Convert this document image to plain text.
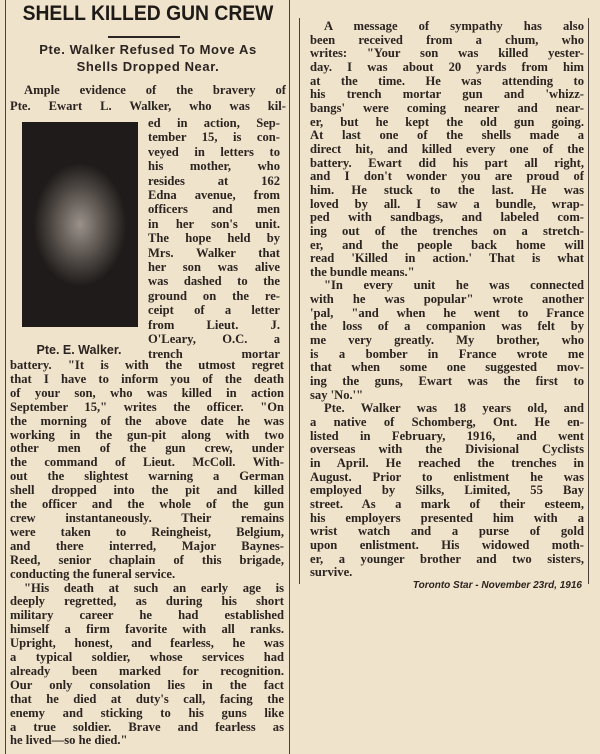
SHELL KILLED GUN CREW
Pte. Walker Refused To Move As
Shells Dropped Near.
Ample evidence of the bravery of
Pte. Ewart L. Walker, who was kil-
Pte. E. Walker.
ed in action, Sep-
tember 15, is con-
veyed in letters to
his mother, who
resides at 162
Edna avenue, from
officers and men
in her son's unit.
The hope held by
Mrs. Walker that
her son was alive
was dashed to the
ground on the re-
ceipt of a letter
from Lieut. J.
O'Leary, O.C. a
trench mortar
battery. "It is with the utmost regret
that I have to inform you of the death
of your son, who was killed in action
September 15," writes the officer. "On
the morning of the above date he was
working in the gun-pit along with two
other men of the gun crew, under
the command of Lieut. McColl. With-
out the slightest warning a German
shell dropped into the pit and killed
the officer and the whole of the gun
crew instantaneously. Their remains
were taken to Reingheist, Belgium,
and there interred, Major Baynes-
Reed, senior chaplain of this brigade,
conducting the funeral service.
"His death at such an early age is
deeply regretted, as during his short
military career he had established
himself a firm favorite with all ranks.
Upright, honest, and fearless, he was
a typical soldier, whose services had
already been marked for recognition.
Our only consolation lies in the fact
that he died at duty's call, facing the
enemy and sticking to his guns like
a true soldier. Brave and fearless as
he lived—so he died."
A message of sympathy has also
been received from a chum, who
writes: "Your son was killed yester-
day. I was about 20 yards from him
at the time. He was attending to
his trench mortar gun and 'whizz-
bangs' were coming nearer and near-
er, but he kept the old gun going.
At last one of the shells made a
direct hit, and killed every one of the
battery. Ewart did his part all right,
and I don't wonder you are proud of
him. He stuck to the last. He was
loved by all. I saw a bundle, wrap-
ped with sandbags, and labeled com-
ing out of the trenches on a stretch-
er, and the people back home will
read 'Killed in action.' That is what
the bundle means."
"In every unit he was connected
with he was popular" wrote another
'pal, "and when he went to France
the loss of a companion was felt by
me very greatly. My brother, who
is a bomber in France wrote me
that when some one suggested mov-
ing the guns, Ewart was the first to
say 'No.'"
Pte. Walker was 18 years old, and
a native of Schomberg, Ont. He en-
listed in February, 1916, and went
overseas with the Divisional Cyclists
in April. He reached the trenches in
August. Prior to enlistment he was
employed by Silks, Limited, 55 Bay
street. As a mark of their esteem,
his employers presented him with a
wrist watch and a purse of gold
upon enlistment. His widowed moth-
er, a younger brother and two sisters,
survive.
Toronto Star - November 23rd, 1916
